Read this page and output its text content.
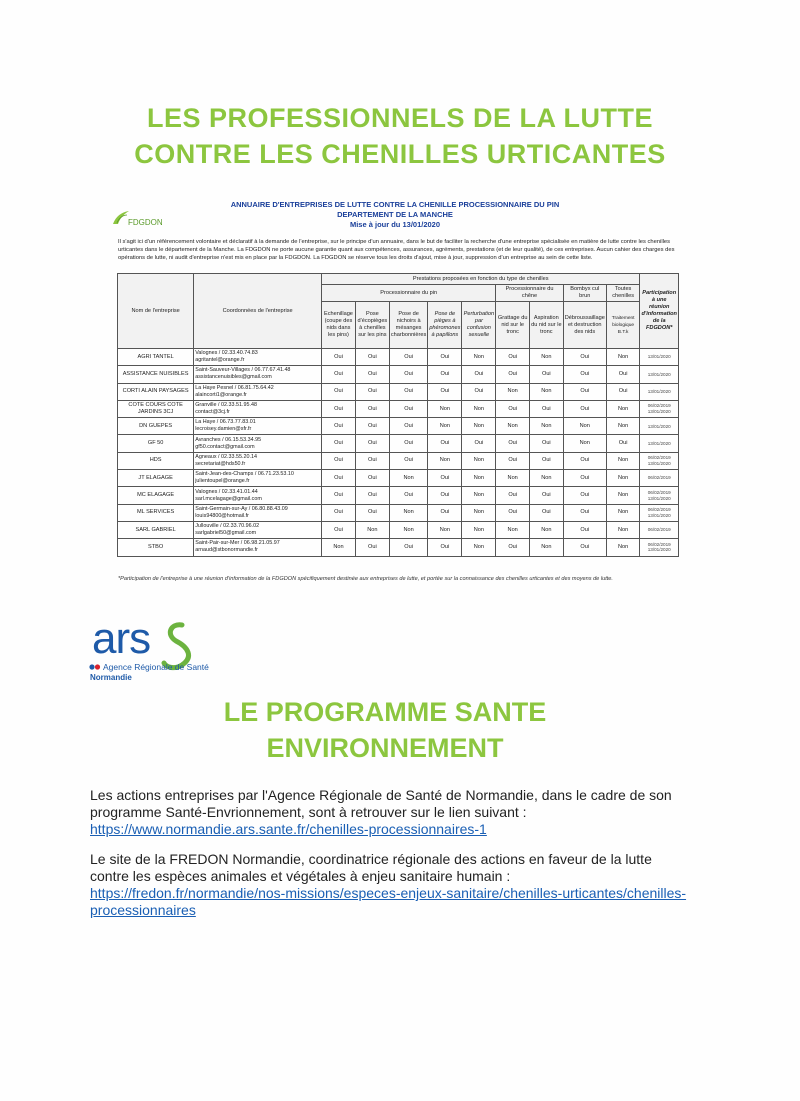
LES PROFESSIONNELS DE LA LUTTE
CONTRE LES CHENILLES URTICANTES
FDGDON
ANNUAIRE D'ENTREPRISES DE LUTTE CONTRE LA CHENILLE PROCESSIONNAIRE DU PIN
DEPARTEMENT DE LA MANCHE
Mise à jour du 13/01/2020
Il s'agit ici d'un référencement volontaire et déclaratif à la demande de l'entreprise, sur le principe d'un annuaire, dans le but de faciliter la recherche d'une entreprise spécialisée en matière de lutte contre les chenilles urticantes dans le département de la Manche. La FDGDON ne porte aucune garantie quant aux compétences, assurances, agréments, prestations (et de leur qualité), de ces entreprises. Aucun cahier des charges des opérations de lutte, ni audit d'entreprise n'est mis en place par la FDGDON. La FDGDON se réserve tous les droits d'ajout, mise à jour, suppression d'un entreprise au sein de cette liste.
Nom de l'entreprise	Coordonnées de l'entreprise	Prestations proposées en fonction du type de chenilles									Participation à une réunion d'information de la FDGDON*
		Processionnaire du pin					Processionnaire du chêne		Bombyx cul brun	Toutes chenilles	
		Echenillage (coupe des nids dans les pins)	Pose d'écopièges à chenilles sur les pins	Pose de nichoirs à mésanges charbonnières	Pose de pièges à phéromones à papillons	Perturbation par confusion sexuelle	Grattage du nid sur le tronc	Aspiration du nid sur le tronc	Débroussaillage et destruction des nids	Traitement biologique B.T.k	
AGRI TANTEL	Valognes / 02.33.40.74.83
agritantel@orange.fr	Oui	Oui	Oui	Oui	Non	Oui	Non	Oui	Non	13/01/2020
ASSISTANCE NUISIBLES	Saint-Sauveur-Villages / 06.77.67.41.48
assistancenuisibles@gmail.com	Oui	Oui	Oui	Oui	Oui	Oui	Oui	Oui	Oui	13/01/2020
CORTI ALAIN PAYSAGES	La Haye Pesnel / 06.81.75.64.42
alaincorti1@orange.fr	Oui	Oui	Oui	Oui	Oui	Non	Non	Oui	Oui	13/01/2020
COTE COURS COTE JARDINS 3CJ	Granville / 02.33.51.95.48
contact@3cj.fr	Oui	Oui	Oui	Non	Non	Oui	Oui	Oui	Non	06/02/2019 13/01/2020
DN GUEPES	La Haye / 06.73.77.83.01
lecroisey.damien@sfr.fr	Oui	Oui	Oui	Non	Non	Non	Non	Non	Non	13/01/2020
GF 50	Avranches / 06.15.53.34.95
gf50.contact@gmail.com	Oui	Oui	Oui	Oui	Oui	Oui	Oui	Non	Oui	13/01/2020
HDS	Agneaux / 02.33.55.20.14
secretariat@hds50.fr	Oui	Oui	Oui	Non	Non	Oui	Oui	Oui	Non	06/02/2019 13/01/2020
JT ELAGAGE	Saint-Jean-des-Champs / 06.71.23.53.10
julientoupel@orange.fr	Oui	Oui	Non	Oui	Non	Non	Non	Oui	Non	06/02/2019
MC ELAGAGE	Valognes / 02.33.41.01.44
sarl.mcelagage@gmail.com	Oui	Oui	Oui	Oui	Non	Oui	Oui	Oui	Non	06/02/2019 13/01/2020
ML SERVICES	Saint-Germain-sur-Ay / 06.80.88.43.09
louis94800@hotmail.fr	Oui	Oui	Non	Oui	Non	Oui	Oui	Oui	Non	06/02/2019 13/01/2020
SARL GABRIEL	Jullouville / 02.33.70.96.02
sarlgabriel50@gmail.com	Oui	Non	Non	Non	Non	Non	Non	Oui	Non	06/02/2019
STBO	Saint-Pair-sur-Mer / 06.98.21.05.97
arnaud@stbonormandie.fr	Non	Oui	Oui	Oui	Non	Oui	Non	Oui	Non	06/02/2019 13/01/2020
*Participation de l'entreprise à une réunion d'information de la FDGDON spécifiquement destinée aux entreprises de lutte, et portée sur la connaissance des chenilles urticantes et des moyens de lutte.
ars
Agence Régionale de Santé
Normandie
LE PROGRAMME SANTE
ENVIRONNEMENT
Les actions entreprises par l'Agence Régionale de Santé de Normandie, dans le cadre de son programme Santé-Envrionnement, sont à retrouver sur le lien suivant :
https://www.normandie.ars.sante.fr/chenilles-processionnaires-1
Le site de la FREDON Normandie, coordinatrice régionale des actions en faveur de la lutte contre les espèces animales et végétales à enjeu sanitaire humain :
https://fredon.fr/normandie/nos-missions/especes-enjeux-sanitaire/chenilles-urticantes/chenilles-
processionnaires
